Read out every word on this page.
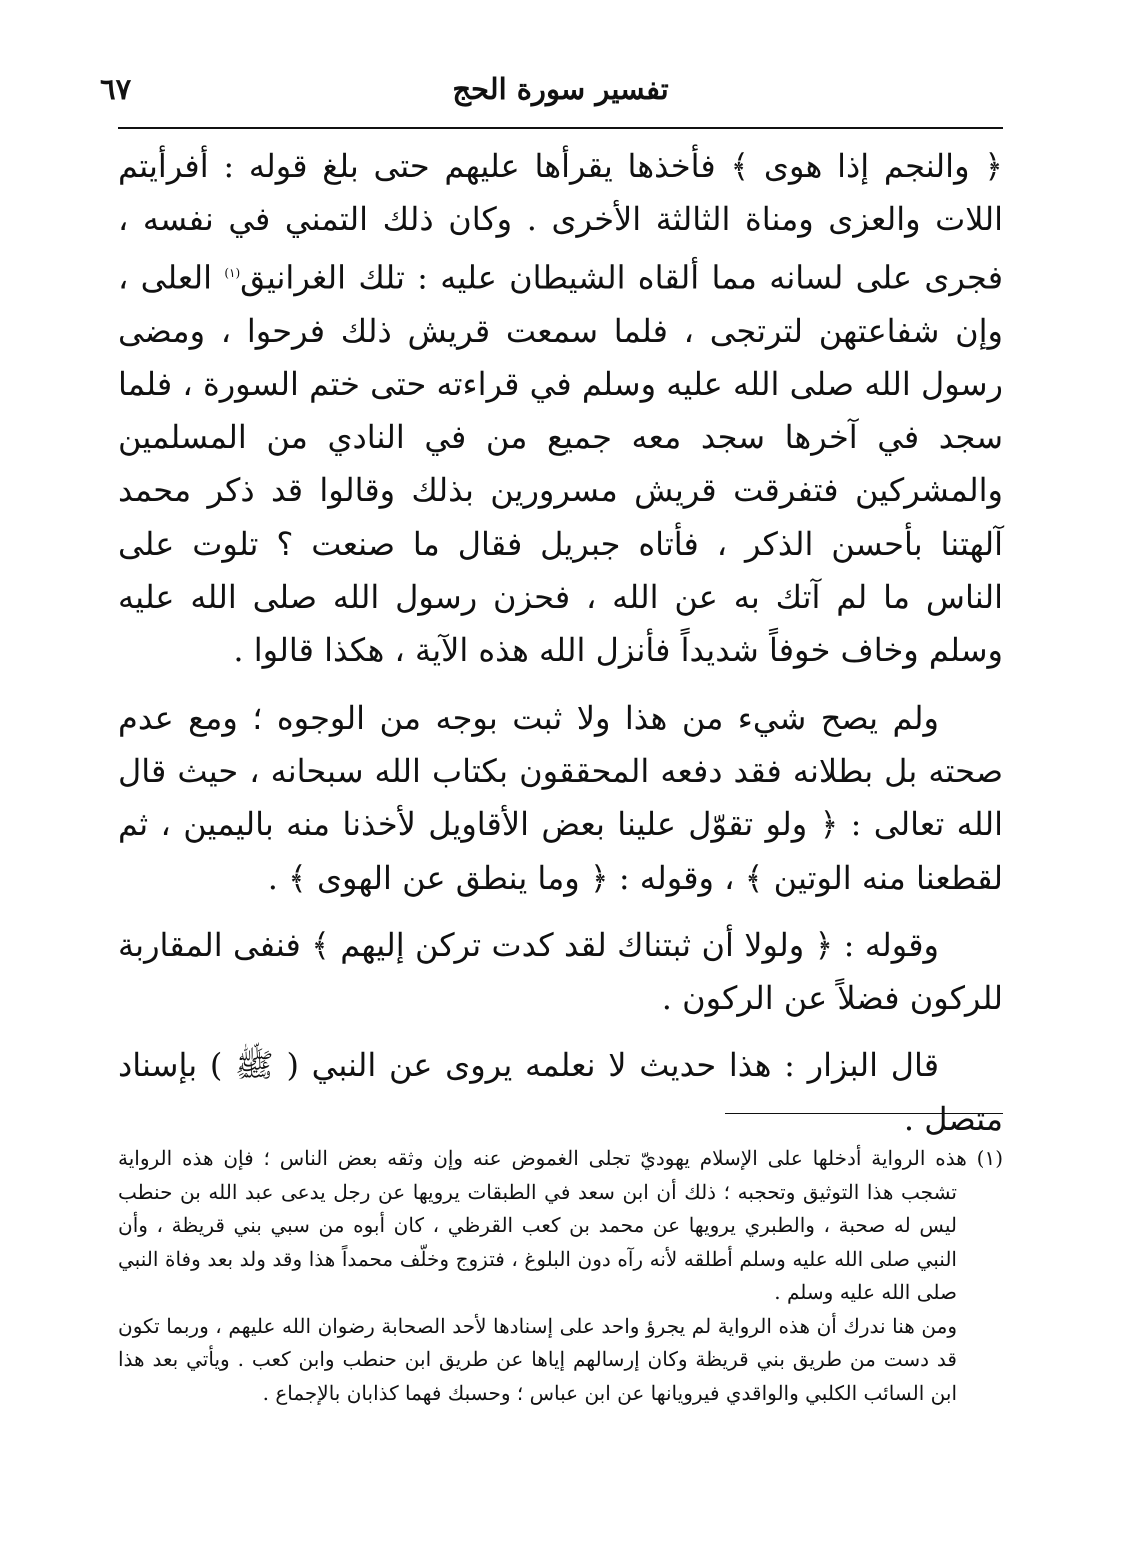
تفسير سورة الحج
٦٧

﴿ والنجم إذا هوى ﴾ فأخذها يقرأها عليهم حتى بلغ قوله : أفرأيتم اللات والعزى ومناة الثالثة الأخرى . وكان ذلك التمني في نفسه ، فجرى على لسانه مما ألقاه الشيطان عليه : تلك الغرانيق$^{(١)}$ العلى ، وإن شفاعتهن لترتجى ، فلما سمعت قريش ذلك فرحوا ، ومضى رسول الله صلى الله عليه وسلم في قراءته حتى ختم السورة ، فلما سجد في آخرها سجد معه جميع من في النادي من المسلمين والمشركين فتفرقت قريش مسرورين بذلك وقالوا قد ذكر محمد آلهتنا بأحسن الذكر ، فأتاه جبريل فقال ما صنعت ؟ تلوت على الناس ما لم آتك به عن الله ، فحزن رسول الله صلى الله عليه وسلم وخاف خوفاً شديداً فأنزل الله هذه الآية ، هكذا قالوا .

ولم يصح شيء من هذا ولا ثبت بوجه من الوجوه ؛ ومع عدم صحته بل بطلانه فقد دفعه المحققون بكتاب الله سبحانه ، حيث قال الله تعالى : ﴿ ولو تقوّل علينا بعض الأقاويل لأخذنا منه باليمين ، ثم لقطعنا منه الوتين ﴾ ، وقوله : ﴿ وما ينطق عن الهوى ﴾ .

وقوله : ﴿ ولولا أن ثبتناك لقد كدت تركن إليهم ﴾ فنفى المقاربة للركون فضلاً عن الركون .

قال البزار : هذا حديث لا نعلمه يروى عن النبي ( ﷺ ) بإسناد متصل .

(١) هذه الرواية أدخلها على الإسلام يهوديّ تجلى الغموض عنه وإن وثقه بعض الناس ؛ فإن هذه الرواية تشجب هذا التوثيق وتحجبه ؛ ذلك أن ابن سعد في الطبقات يرويها عن رجل يدعى عبد الله بن حنطب ليس له صحبة ، والطبري يرويها عن محمد بن كعب القرظي ، كان أبوه من سبي بني قريظة ، وأن النبي صلى الله عليه وسلم أطلقه لأنه رآه دون البلوغ ، فتزوج وخلّف محمداً هذا وقد ولد بعد وفاة النبي صلى الله عليه وسلم .

ومن هنا ندرك أن هذه الرواية لم يجرؤ واحد على إسنادها لأحد الصحابة رضوان الله عليهم ، وربما تكون قد دست من طريق بني قريظة وكان إرسالهم إياها عن طريق ابن حنطب وابن كعب . ويأتي بعد هذا ابن السائب الكلبي والواقدي فيرويانها عن ابن عباس ؛ وحسبك فهما كذابان بالإجماع .
